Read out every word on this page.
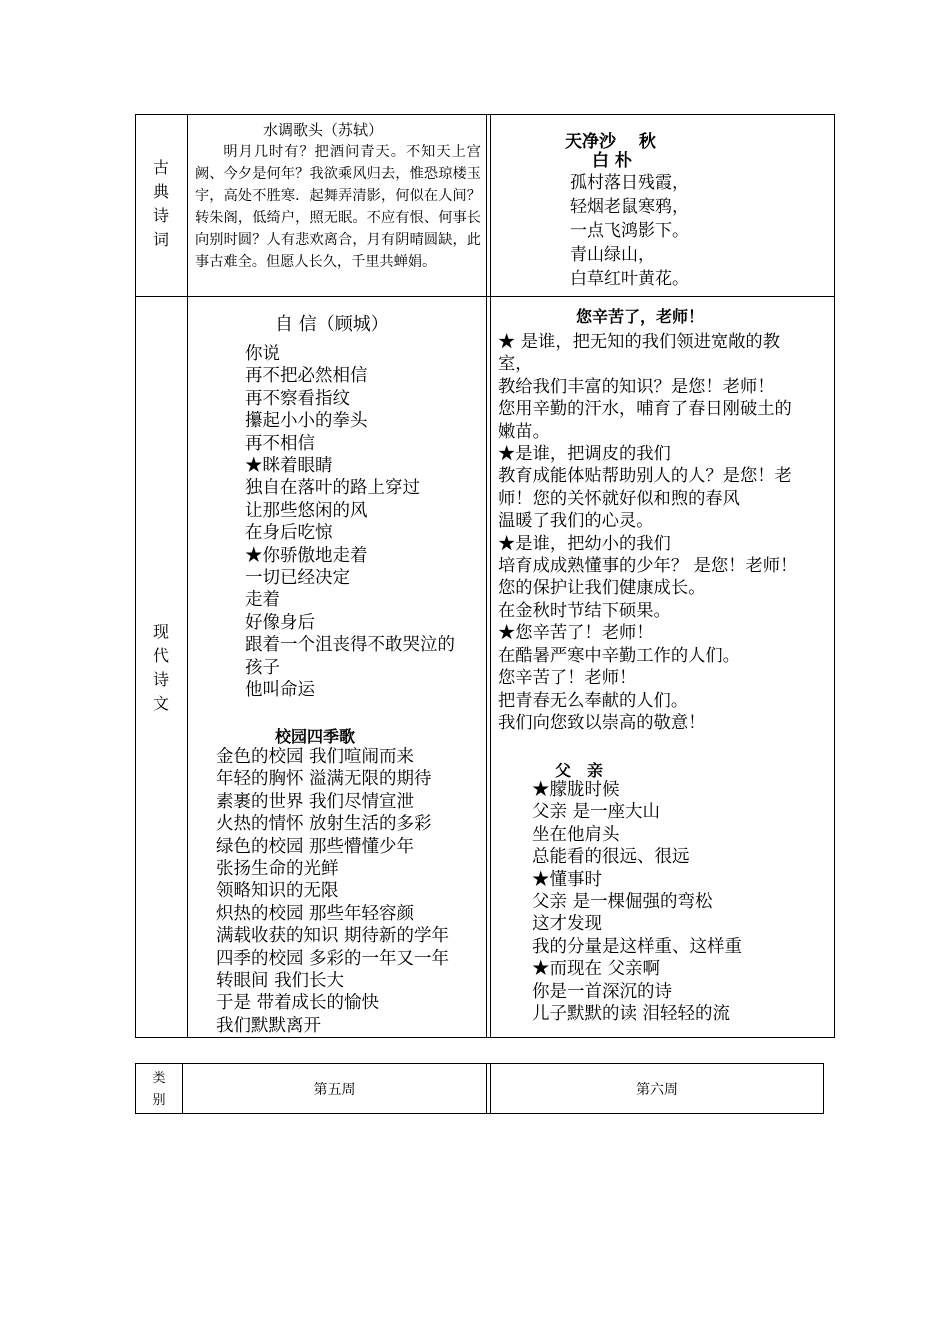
古
典
诗
词
水调歌头（苏轼）
明月几时有？把酒问青天。不知天上宫阙、今夕是何年？我欲乘风归去，惟恐琼楼玉宇，高处不胜寒．起舞弄清影，何似在人间？转朱阁，低绮户，照无眠。不应有恨、何事长向别时圆？人有悲欢离合，月有阴晴圆缺，此事古难全。但愿人长久，千里共蝉娟。
天净沙　 秋
白 朴
孤村落日残霞，
轻烟老鼠寒鸦，
一点飞鸿影下。
青山绿山，
白草红叶黄花。
现
代
诗
文
自 信（顾城）
你说
再不把必然相信
再不察看指纹
攥起小小的拳头
再不相信
★眯着眼睛
独自在落叶的路上穿过
让那些悠闲的风
在身后吃惊
★你骄傲地走着
一切已经决定
走着
好像身后
跟着一个沮丧得不敢哭泣的
孩子
他叫命运
校园四季歌
金色的校园 我们喧闹而来
年轻的胸怀 溢满无限的期待
素裹的世界 我们尽情宣泄
火热的情怀 放射生活的多彩
绿色的校园 那些懵懂少年
张扬生命的光鲜
领略知识的无限
炽热的校园 那些年轻容颜
满载收获的知识 期待新的学年
四季的校园 多彩的一年又一年
转眼间 我们长大
于是 带着成长的愉快
我们默默离开
您辛苦了，老师！
★ 是谁，把无知的我们领进宽敞的教
室，
教给我们丰富的知识？是您！老师！
您用辛勤的汗水，哺育了春日刚破土的
嫩苗。
★是谁，把调皮的我们
教育成能体贴帮助别人的人？是您！老
师！您的关怀就好似和煦的春风
温暖了我们的心灵。
★是谁，把幼小的我们
培育成成熟懂事的少年？ 是您！老师！
您的保护让我们健康成长。
在金秋时节结下硕果。
★您辛苦了！老师！
在酷暑严寒中辛勤工作的人们。
您辛苦了！老师！
把青春无么奉献的人们。
我们向您致以崇高的敬意！
父　亲
★朦胧时候
父亲 是一座大山
坐在他肩头
总能看的很远、很远
★懂事时
父亲 是一棵倔强的弯松
这才发现
我的分量是这样重、这样重
★而现在 父亲啊
你是一首深沉的诗
儿子默默的读 泪轻轻的流
类
别
第五周	第六周
